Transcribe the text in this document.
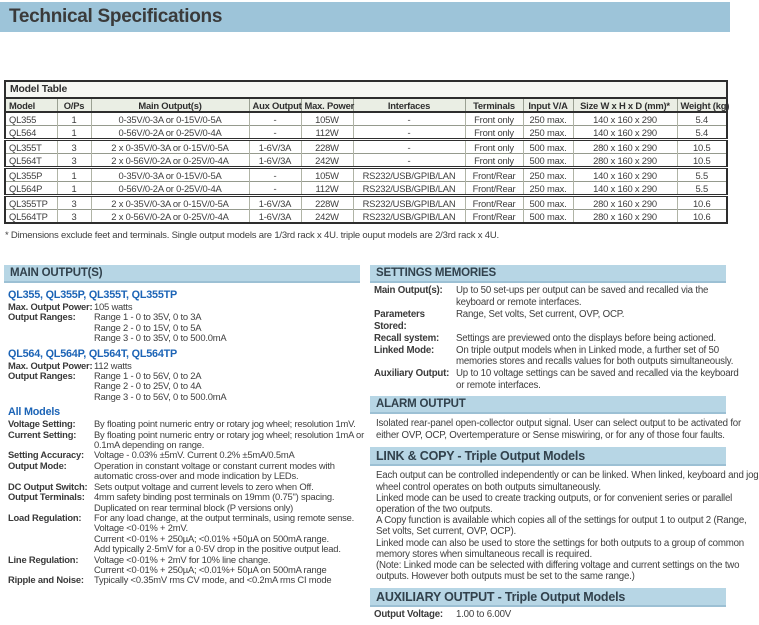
Technical Specifications
Model Table									
Model	O/Ps	Main Output(s)	Aux Output	Max. Power	Interfaces	Terminals	Input V/A	Size W x H x D (mm)*	Weight (kg)
QL355	1	0-35V/0-3A or 0-15V/0-5A	-	105W	-	Front only	250 max.	140 x 160 x 290	5.4
QL564	1	0-56V/0-2A or 0-25V/0-4A	-	112W	-	Front only	250 max.	140 x 160 x 290	5.4
QL355T	3	2 x 0-35V/0-3A or 0-15V/0-5A	1-6V/3A	228W	-	Front only	500 max.	280 x 160 x 290	10.5
QL564T	3	2 x 0-56V/0-2A or 0-25V/0-4A	1-6V/3A	242W	-	Front only	500 max.	280 x 160 x 290	10.5
QL355P	1	0-35V/0-3A or 0-15V/0-5A	-	105W	RS232/USB/GPIB/LAN	Front/Rear	250 max.	140 x 160 x 290	5.5
QL564P	1	0-56V/0-2A or 0-25V/0-4A	-	112W	RS232/USB/GPIB/LAN	Front/Rear	250 max.	140 x 160 x 290	5.5
QL355TP	3	2 x 0-35V/0-3A or 0-15V/0-5A	1-6V/3A	228W	RS232/USB/GPIB/LAN	Front/Rear	500 max.	280 x 160 x 290	10.6
QL564TP	3	2 x 0-56V/0-2A or 0-25V/0-4A	1-6V/3A	242W	RS232/USB/GPIB/LAN	Front/Rear	500 max.	280 x 160 x 290	10.6

* Dimensions exclude feet and terminals. Single output models are 1/3rd rack x 4U. triple ouput models are 2/3rd rack x 4U.

MAIN OUTPUT(S)
QL355, QL355P, QL355T, QL355TP
Max. Output Power: 105 watts
Output Ranges:	Range 1 - 0 to 35V, 0 to 3A
Range 2 - 0 to 15V, 0 to 5A
Range 3 - 0 to 35V, 0 to 500.0mA
QL564, QL564P, QL564T, QL564TP
Max. Output Power: 112 watts
Output Ranges:	Range 1 - 0 to 56V, 0 to 2A
Range 2 - 0 to 25V, 0 to 4A
Range 3 - 0 to 56V, 0 to 500.0mA
All Models
Voltage Setting:	By floating point numeric entry or rotary jog wheel; resolution 1mV.
Current Setting:	By floating point numeric entry or rotary jog wheel; resolution 1mA or
0.1mA depending on range.
Setting Accuracy:	Voltage - 0.03% ±5mV. Current 0.2% ±5mA/0.5mA
Output Mode:	Operation in constant voltage or constant current modes with
automatic cross-over and mode indication by LEDs.
DC Output Switch: Sets output voltage and current levels to zero when Off.
Output Terminals: 4mm safety binding post terminals on 19mm (0.75") spacing.
Duplicated on rear terminal block (P versions only)
Load Regulation:	For any load change, at the output terminals, using remote sense.
Voltage <0·01% + 2mV.
Current <0·01% + 250µA; <0.01% +50µA on 500mA range.
Add typically 2·5mV for a 0·5V drop in the positive output lead.
Line Regulation:	Voltage <0·01% + 2mV for 10% line change.
Current <0·01% + 250µA; <0.01%+ 50µA on 500mA range
Ripple and Noise:	Typically <0.35mV rms CV mode, and <0.2mA rms CI mode
SETTINGS MEMORIES
Main Output(s):	Up to 50 set-ups per output can be saved and recalled via the
keyboard or remote interfaces.
Parameters Stored:
Range, Set volts, Set current, OVP, OCP.
Recall system:	Settings are previewed onto the displays before being actioned.
Linked Mode:	On triple output models when in Linked mode, a further set of 50
memories stores and recalls values for both outputs simultaneously.
Auxiliary Output: Up to 10 voltage settings can be saved and recalled via the keyboard
or remote interfaces.
ALARM OUTPUT
Isolated rear-panel open-collector output signal. User can select output to be activated for
either OVP, OCP, Overtemperature or Sense miswiring, or for any of those four faults.
LINK & COPY - Triple Output Models
Each output can be controlled independently or can be linked. When linked, keyboard and jog
wheel control operates on both outputs simultaneously.
Linked mode can be used to create tracking outputs, or for convenient series or parallel
operation of the two outputs.
A Copy function is available which copies all of the settings for output 1 to output 2 (Range,
Set volts, Set current, OVP, OCP).
Linked mode can also be used to store the settings for both outputs to a group of common
memory stores when simultaneous recall is required.
(Note: Linked mode can be selected with differing voltage and current settings on the two
outputs. However both outputs must be set to the same range.)
AUXILIARY OUTPUT - Triple Output Models
Output Voltage:	1.00 to 6.00V
